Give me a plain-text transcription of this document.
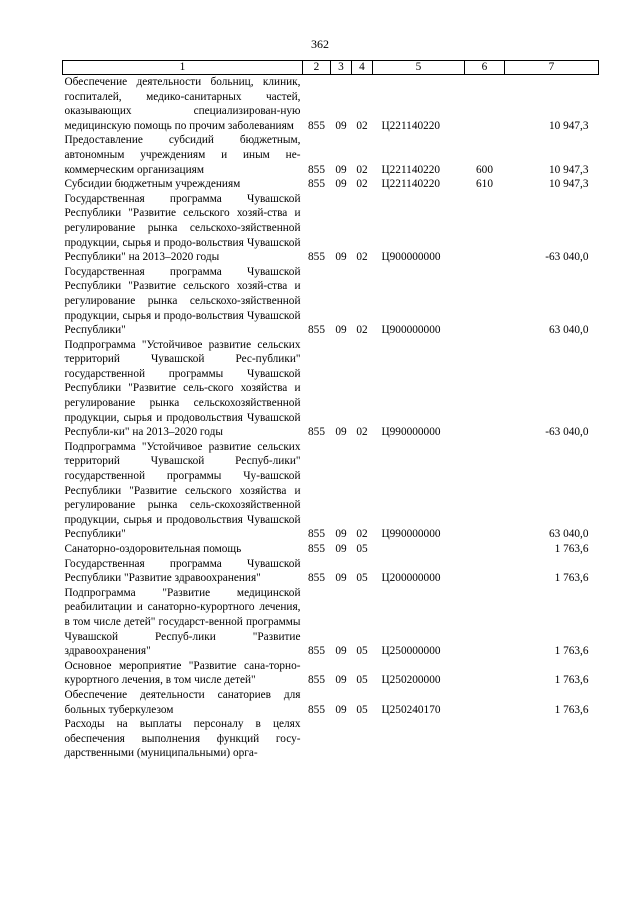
362
1	2	3	4	5	6	7
Обеспечение деятельности больниц, клиник, госпиталей, медико-санитарных частей, оказывающих специализирован-ную медицинскую помощь по прочим заболеваниям	855	09	02	Ц221140220		10 947,3
Предоставление субсидий бюджетным, автономным учреждениям и иным не-коммерческим организациям	855	09	02	Ц221140220	600	10 947,3
Субсидии бюджетным учреждениям	855	09	02	Ц221140220	610	10 947,3
Государственная программа Чувашской Республики "Развитие сельского хозяй-ства и регулирование рынка сельскохо-зяйственной продукции, сырья и продо-вольствия Чувашской Республики" на 2013–2020 годы	855	09	02	Ц900000000		-63 040,0
Государственная программа Чувашской Республики "Развитие сельского хозяй-ства и регулирование рынка сельскохо-зяйственной продукции, сырья и продо-вольствия Чувашской Республики"	855	09	02	Ц900000000		63 040,0
Подпрограмма "Устойчивое развитие сельских территорий Чувашской Рес-публики" государственной программы Чувашской Республики "Развитие сель-ского хозяйства и регулирование рынка сельскохозяйственной продукции, сырья и продовольствия Чувашской Республи-ки" на 2013–2020 годы	855	09	02	Ц990000000		-63 040,0
Подпрограмма "Устойчивое развитие сельских территорий Чувашской Респуб-лики" государственной программы Чу-вашской Республики "Развитие сельского хозяйства и регулирование рынка сель-скохозяйственной продукции, сырья и продовольствия Чувашской Республики"	855	09	02	Ц990000000		63 040,0
Санаторно-оздоровительная помощь	855	09	05			1 763,6
Государственная программа Чувашской Республики "Развитие здравоохранения"	855	09	05	Ц200000000		1 763,6
Подпрограмма "Развитие медицинской реабилитации и санаторно-курортного лечения, в том числе детей" государст-венной программы Чувашской Респуб-лики "Развитие здравоохранения"	855	09	05	Ц250000000		1 763,6
Основное мероприятие "Развитие сана-торно-курортного лечения, в том числе детей"	855	09	05	Ц250200000		1 763,6
Обеспечение деятельности санаториев для больных туберкулезом	855	09	05	Ц250240170		1 763,6
Расходы на выплаты персоналу в целях обеспечения выполнения функций госу-дарственными (муниципальными) орга-						
